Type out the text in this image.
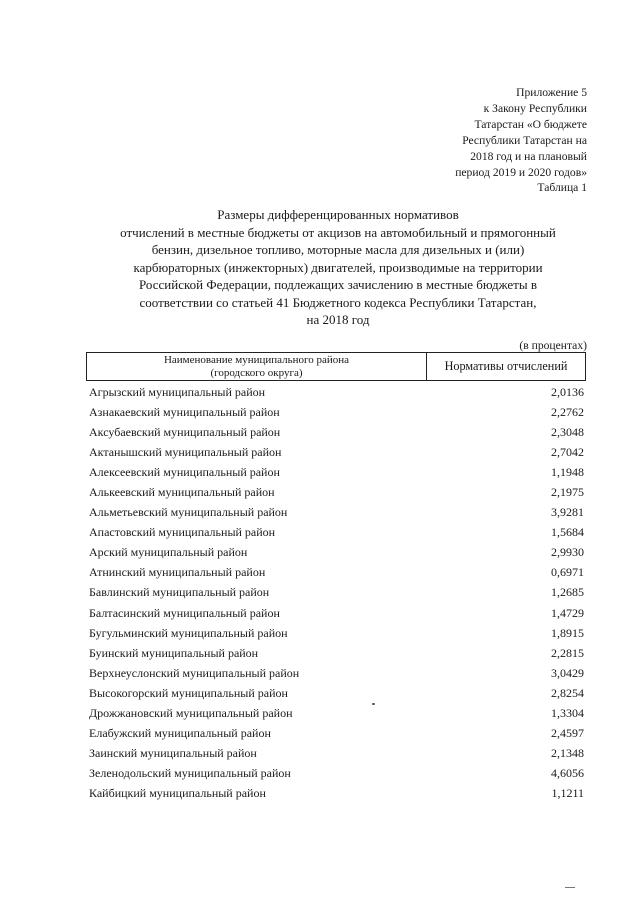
Приложение 5
к Закону Республики
Татарстан «О бюджете
Республики Татарстан на
2018 год и на плановый
период 2019 и 2020 годов»
Таблица 1
Размеры дифференцированных нормативов
отчислений в местные бюджеты от акцизов на автомобильный и прямогонный
бензин, дизельное топливо, моторные масла для дизельных и (или)
карбюраторных (инжекторных) двигателей, производимые на территории
Российской Федерации, подлежащих зачислению в местные бюджеты в
соответствии со статьей 41 Бюджетного кодекса Республики Татарстан,
на 2018 год
(в процентах)
Наименование муниципального района
(городского округа)	Нормативы отчислений
Агрызский муниципальный район	2,0136
Азнакаевский муниципальный район	2,2762
Аксубаевский муниципальный район	2,3048
Актанышский муниципальный район	2,7042
Алексеевский муниципальный район	1,1948
Алькеевский муниципальный район	2,1975
Альметьевский муниципальный район	3,9281
Апастовский муниципальный район	1,5684
Арский муниципальный район	2,9930
Атнинский муниципальный район	0,6971
Бавлинский муниципальный район	1,2685
Балтасинский муниципальный район	1,4729
Бугульминский муниципальный район	1,8915
Буинский муниципальный район	2,2815
Верхнеуслонский муниципальный район	3,0429
Высокогорский муниципальный район	2,8254
Дрожжановский муниципальный район	1,3304
Елабужский муниципальный район	2,4597
Заинский муниципальный район	2,1348
Зеленодольский муниципальный район	4,6056
Кайбицкий муниципальный район	1,1211
